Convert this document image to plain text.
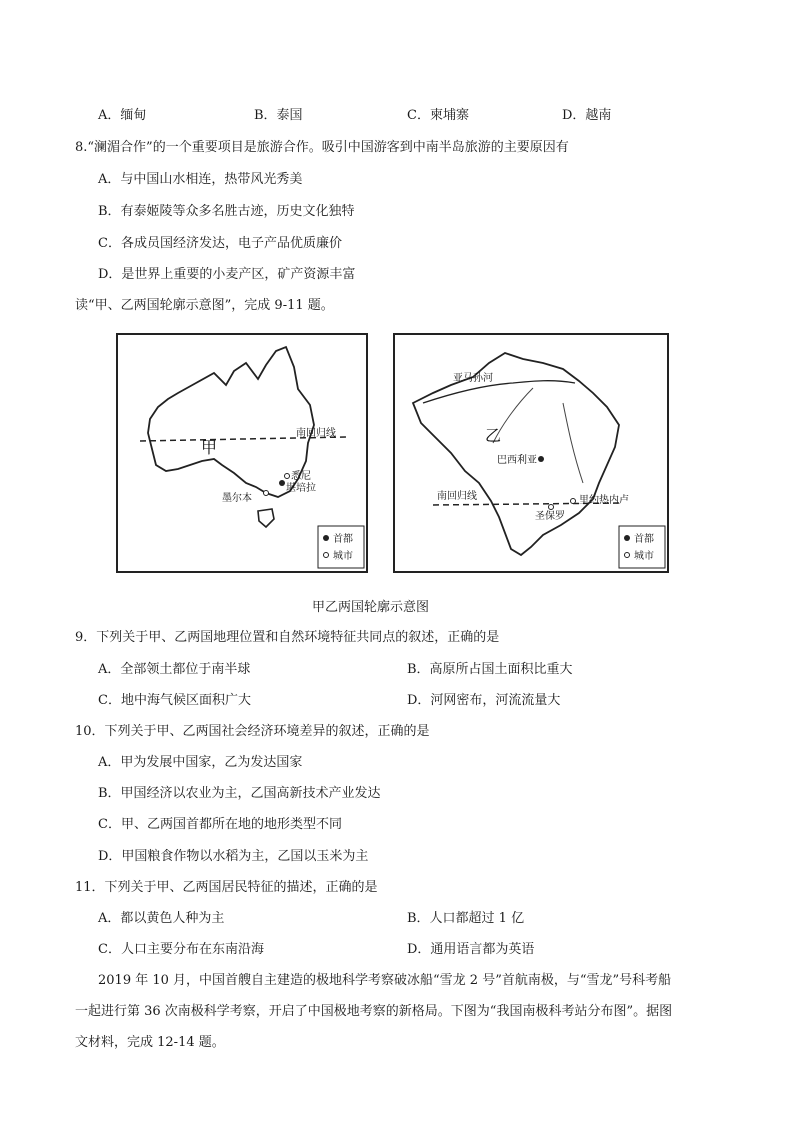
A．缅甸	B．泰国	C．柬埔寨	D．越南
8.“澜湄合作”的一个重要项目是旅游合作。吸引中国游客到中南半岛旅游的主要原因有
A．与中国山水相连，热带风光秀美
B．有泰姬陵等众多名胜古迹，历史文化独特
C．各成员国经济发达，电子产品优质廉价
D．是世界上重要的小麦产区，矿产资源丰富
读“甲、乙两国轮廓示意图”，完成 9-11 题。
甲
南回归线
悉尼
堪培拉
墨尔本
首都
城市
乙
亚马孙河
巴西利亚
南回归线	里约热内卢
圣保罗
首都
城市
甲乙两国轮廓示意图
9．下列关于甲、乙两国地理位置和自然环境特征共同点的叙述，正确的是
A．全部领土都位于南半球	B．高原所占国土面积比重大
C．地中海气候区面积广大	D．河网密布，河流流量大
10．下列关于甲、乙两国社会经济环境差异的叙述，正确的是
A．甲为发展中国家，乙为发达国家
B．甲国经济以农业为主，乙国高新技术产业发达
C．甲、乙两国首都所在地的地形类型不同
D．甲国粮食作物以水稻为主，乙国以玉米为主
11．下列关于甲、乙两国居民特征的描述，正确的是
A．都以黄色人种为主	B．人口都超过 1 亿
C．人口主要分布在东南沿海	D．通用语言都为英语
2019 年 10 月，中国首艘自主建造的极地科学考察破冰船“雪龙 2 号”首航南极，与“雪龙”号科考船
一起进行第 36 次南极科学考察，开启了中国极地考察的新格局。下图为“我国南极科考站分布图”。据图
文材料，完成 12-14 题。
